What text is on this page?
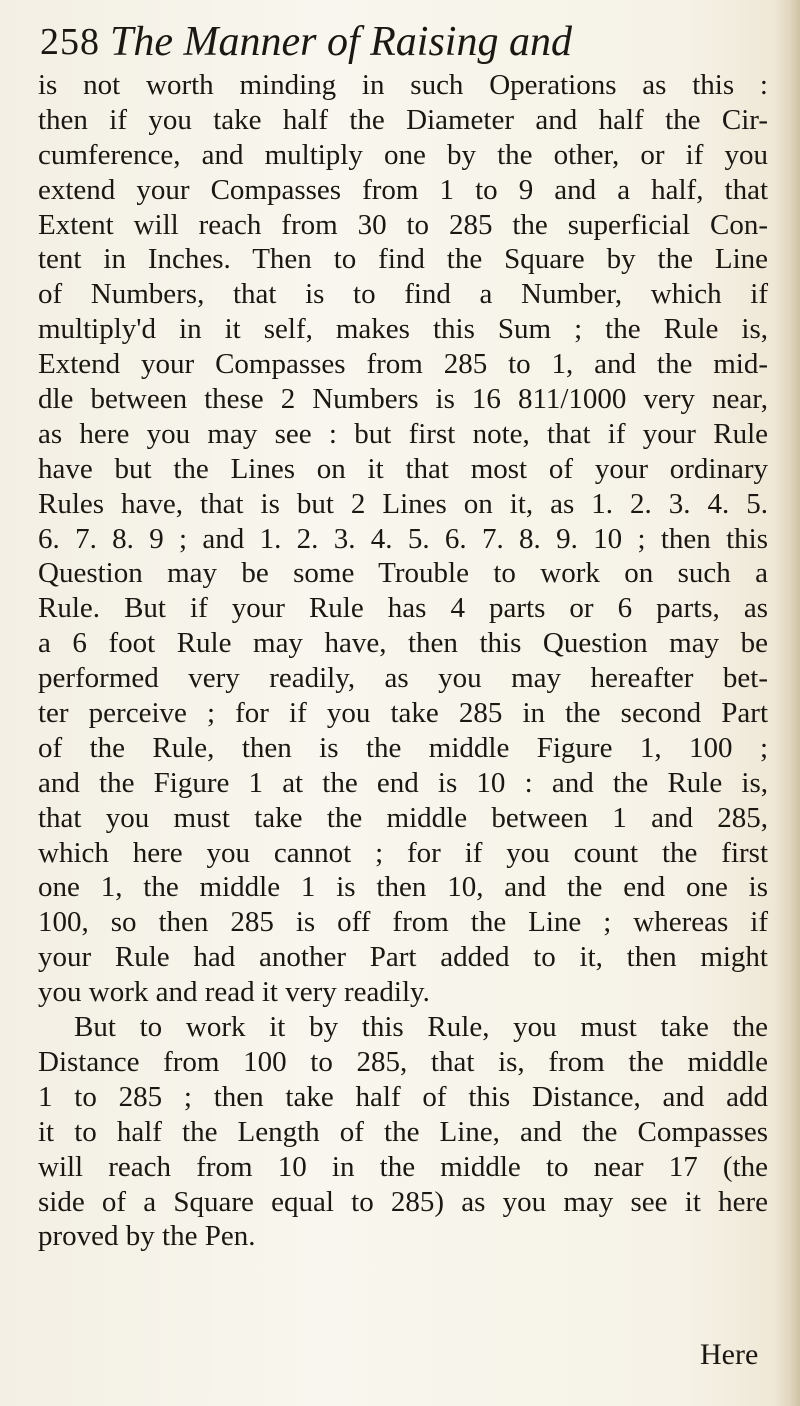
258 The Manner of Raising and
is not worth minding in such Operations as this :
then if you take half the Diameter and half the Cir-
cumference, and multiply one by the other, or if you
extend your Compasses from 1 to 9 and a half, that
Extent will reach from 30 to 285 the superficial Con-
tent in Inches. Then to find the Square by the Line
of Numbers, that is to find a Number, which if
multiply'd in it self, makes this Sum ; the Rule is,
Extend your Compasses from 285 to 1, and the mid-
dle between these 2 Numbers is 16 811/1000 very near,
as here you may see : but first note, that if your Rule
have but the Lines on it that most of your ordinary
Rules have, that is but 2 Lines on it, as 1. 2. 3. 4. 5.
6. 7. 8. 9 ; and 1. 2. 3. 4. 5. 6. 7. 8. 9. 10 ; then this
Question may be some Trouble to work on such a
Rule. But if your Rule has 4 parts or 6 parts, as
a 6 foot Rule may have, then this Question may be
performed very readily, as you may hereafter bet-
ter perceive ; for if you take 285 in the second Part
of the Rule, then is the middle Figure 1, 100 ;
and the Figure 1 at the end is 10 : and the Rule is,
that you must take the middle between 1 and 285,
which here you cannot ; for if you count the first
one 1, the middle 1 is then 10, and the end one is
100, so then 285 is off from the Line ; whereas if
your Rule had another Part added to it, then might
you work and read it very readily.
But to work it by this Rule, you must take the
Distance from 100 to 285, that is, from the middle
1 to 285 ; then take half of this Distance, and add
it to half the Length of the Line, and the Compasses
will reach from 10 in the middle to near 17 (the
side of a Square equal to 285) as you may see it here
proved by the Pen.
Here
